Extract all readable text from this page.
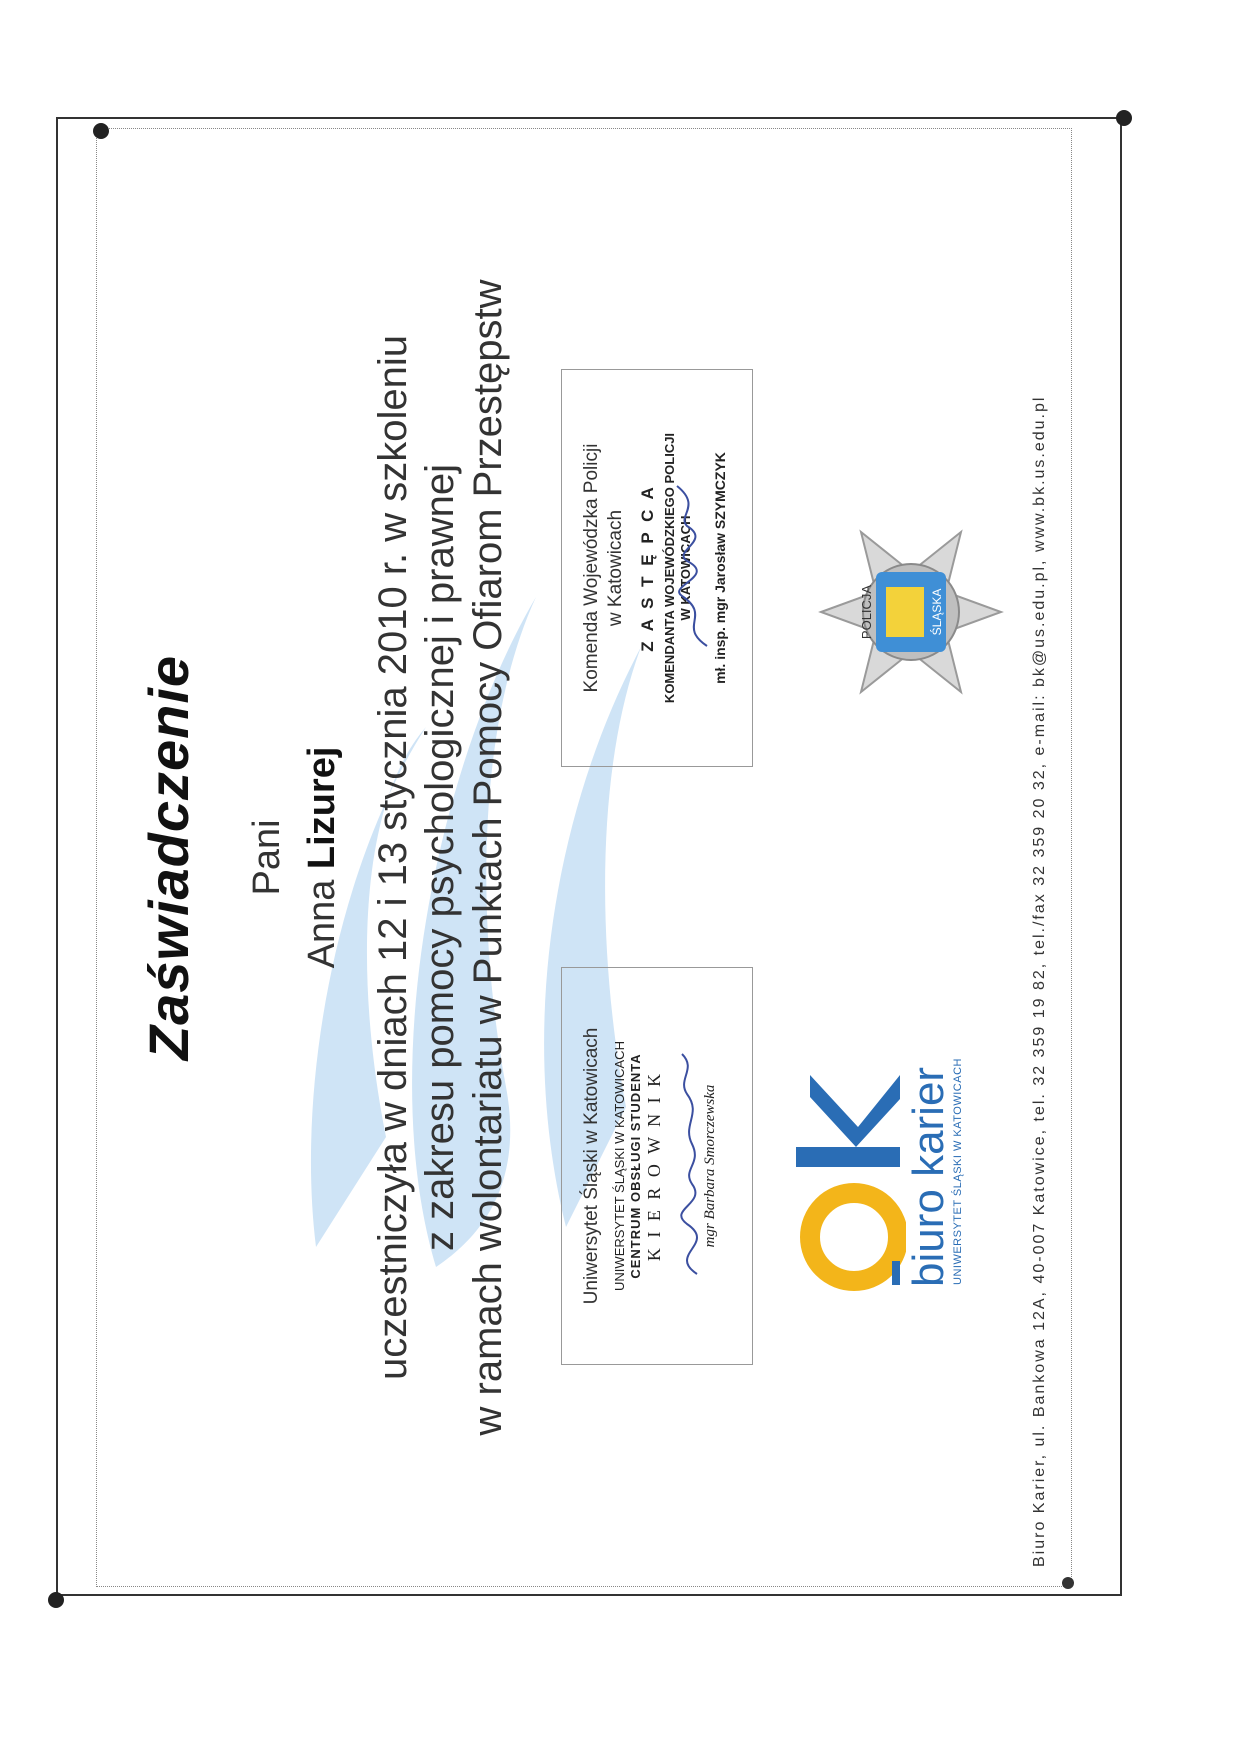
Zaświadczenie Pani
Anna Lizurej uczestniczyła w dniach 12 i 13 stycznia 2010 r. w szkoleniu z zakresu pomocy psychologicznej i prawnej w ramach wolontariatu w Punktach Pomocy Ofiarom Przestępstw	Uniwersytet Śląski w Katowicach UNIWERSYTET ŚLĄSKI W KATOWICACH CENTRUM OBSŁUGI STUDENTA K I E R O W N I K	mgr Barbara Smorczewska
Komenda Wojewódzka Policji w Katowicach Z A S T Ę P C A KOMENDANTA WOJEWÓDZKIEGO POLICJI W KATOWICACH mł. insp. mgr Jarosław SZYMCZYK
biuro karier UNIWERSYTET ŚLĄSKI W KATOWICACH
ŚLĄSKA
POLICJA	Biuro Karier, ul. Bankowa 12A, 40-007 Katowice, tel. 32 359 19 82, tel./fax 32 359 20 32, e-mail: bk@us.edu.pl, www.bk.us.edu.pl
